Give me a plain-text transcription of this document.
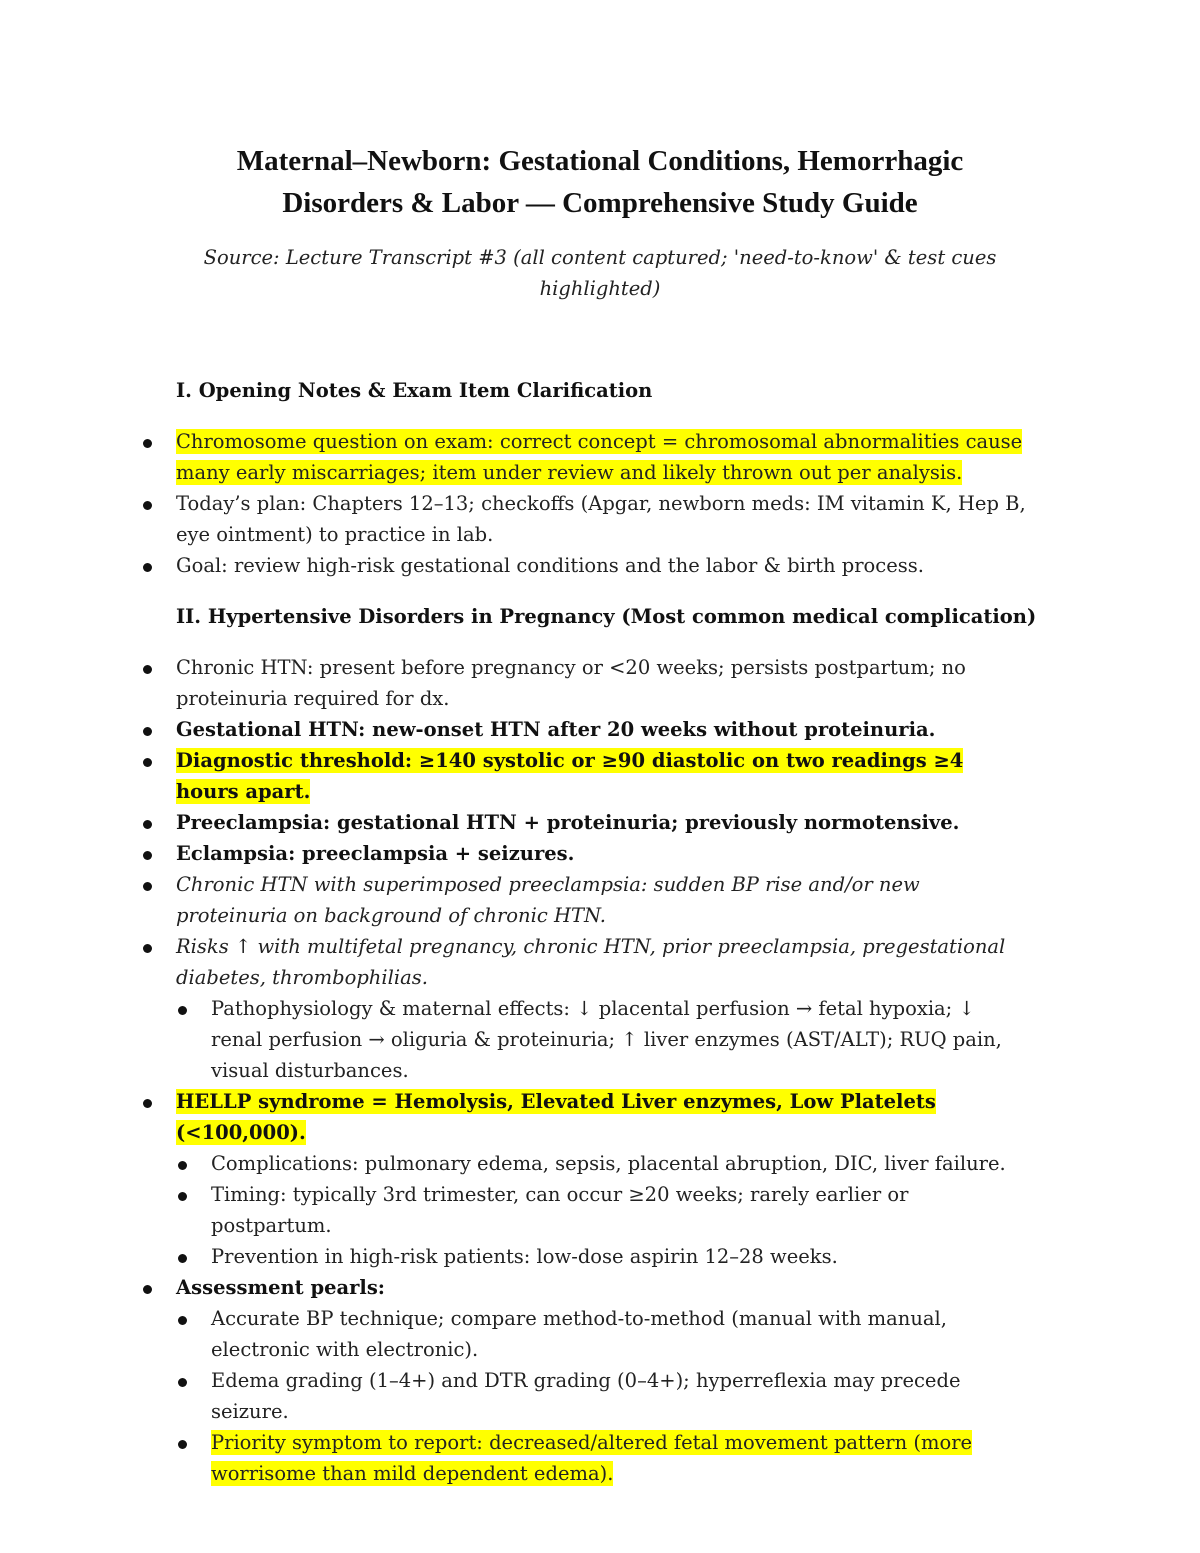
Maternal–Newborn: Gestational Conditions, Hemorrhagic
Disorders & Labor — Comprehensive Study Guide
Source: Lecture Transcript #3 (all content captured; 'need-to-know' & test cues highlighted)
I. Opening Notes & Exam Item Clarification
Chromosome question on exam: correct concept = chromosomal abnormalities cause many early miscarriages; item under review and likely thrown out per analysis.
Today’s plan: Chapters 12–13; checkoffs (Apgar, newborn meds: IM vitamin K, Hep B, eye ointment) to practice in lab.
Goal: review high-risk gestational conditions and the labor & birth process.
II. Hypertensive Disorders in Pregnancy (Most common medical complication)
Chronic HTN: present before pregnancy or <20 weeks; persists postpartum; no proteinuria required for dx.
Gestational HTN: new-onset HTN after 20 weeks without proteinuria.
Diagnostic threshold: ≥140 systolic or ≥90 diastolic on two readings ≥4 hours apart.
Preeclampsia: gestational HTN + proteinuria; previously normotensive.
Eclampsia: preeclampsia + seizures.
Chronic HTN with superimposed preeclampsia: sudden BP rise and/or new proteinuria on background of chronic HTN.
Risks ↑ with multifetal pregnancy, chronic HTN, prior preeclampsia, pregestational diabetes, thrombophilias.
Pathophysiology & maternal effects: ↓ placental perfusion → fetal hypoxia; ↓ renal perfusion → oliguria & proteinuria; ↑ liver enzymes (AST/ALT); RUQ pain, visual disturbances.
HELLP syndrome = Hemolysis, Elevated Liver enzymes, Low Platelets (<100,000).
Complications: pulmonary edema, sepsis, placental abruption, DIC, liver failure.
Timing: typically 3rd trimester, can occur ≥20 weeks; rarely earlier or postpartum.
Prevention in high-risk patients: low-dose aspirin 12–28 weeks.
Assessment pearls:
Accurate BP technique; compare method-to-method (manual with manual, electronic with electronic).
Edema grading (1–4+) and DTR grading (0–4+); hyperreflexia may precede seizure.
Priority symptom to report: decreased/altered fetal movement pattern (more worrisome than mild dependent edema).
